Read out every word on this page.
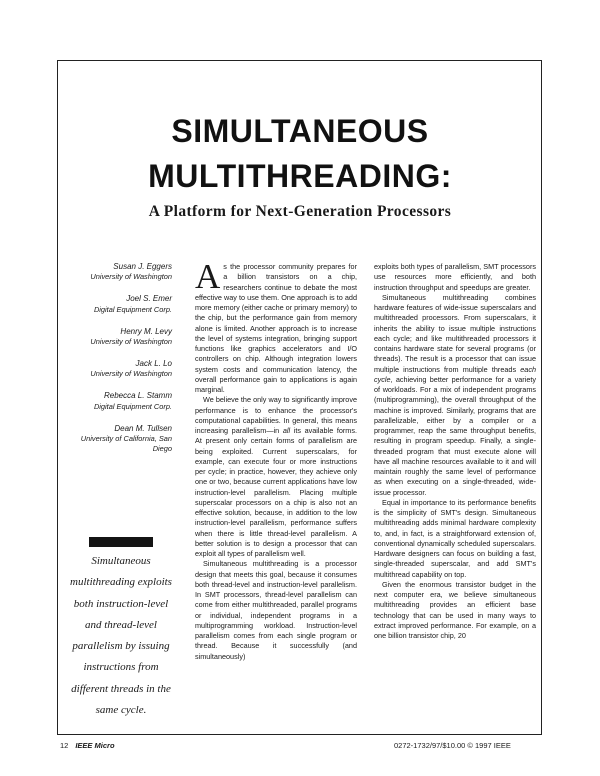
SIMULTANEOUS
MULTITHREADING:
A Platform for Next-Generation Processors
Susan J. Eggers
University of Washington
Joel S. Emer
Digital Equipment Corp.
Henry M. Levy
University of Washington
Jack L. Lo
University of Washington
Rebecca L. Stamm
Digital Equipment Corp.
Dean M. Tullsen
University of California, San Diego
Simultaneous multithreading exploits both instruction-level and thread-level parallelism by issuing instructions from different threads in the same cycle.

As the processor community prepares for a billion transistors on a chip, researchers continue to debate the most effective way to use them. One approach is to add more memory (either cache or primary memory) to the chip, but the performance gain from memory alone is limited. Another approach is to increase the level of systems integration, bringing support functions like graphics accelerators and I/O controllers on chip. Although integration lowers system costs and communication latency, the overall performance gain to applications is again marginal.

We believe the only way to significantly improve performance is to enhance the processor's computational capabilities. In general, this means increasing parallelism—in all its available forms. At present only certain forms of parallelism are being exploited. Current superscalars, for example, can execute four or more instructions per cycle; in practice, however, they achieve only one or two, because current applications have low instruction-level parallelism. Placing multiple superscalar processors on a chip is also not an effective solution, because, in addition to the low instruction-level parallelism, performance suffers when there is little thread-level parallelism. A better solution is to design a processor that can exploit all types of parallelism well.

Simultaneous multithreading is a processor design that meets this goal, because it consumes both thread-level and instruction-level parallelism. In SMT processors, thread-level parallelism can come from either multithreaded, parallel programs or individual, independent programs in a multiprogramming workload. Instruction-level parallelism comes from each single program or thread. Because it successfully (and simultaneously)

exploits both types of parallelism, SMT processors use resources more efficiently, and both instruction throughput and speedups are greater.

Simultaneous multithreading combines hardware features of wide-issue superscalars and multithreaded processors. From superscalars, it inherits the ability to issue multiple instructions each cycle; and like multithreaded processors it contains hardware state for several programs (or threads). The result is a processor that can issue multiple instructions from multiple threads each cycle, achieving better performance for a variety of workloads. For a mix of independent programs (multiprogramming), the overall throughput of the machine is improved. Similarly, programs that are parallelizable, either by a compiler or a programmer, reap the same throughput benefits, resulting in program speedup. Finally, a single-threaded program that must execute alone will have all machine resources available to it and will maintain roughly the same level of performance as when executing on a single-threaded, wide-issue processor.

Equal in importance to its performance benefits is the simplicity of SMT's design. Simultaneous multithreading adds minimal hardware complexity to, and, in fact, is a straightforward extension of, conventional dynamically scheduled superscalars. Hardware designers can focus on building a fast, single-threaded superscalar, and add SMT's multithread capability on top.

Given the enormous transistor budget in the next computer era, we believe simultaneous multithreading provides an efficient base technology that can be used in many ways to extract improved performance. For example, on a one billion transistor chip, 20

12 IEEE Micro	0272-1732/97/$10.00 © 1997 IEEE
